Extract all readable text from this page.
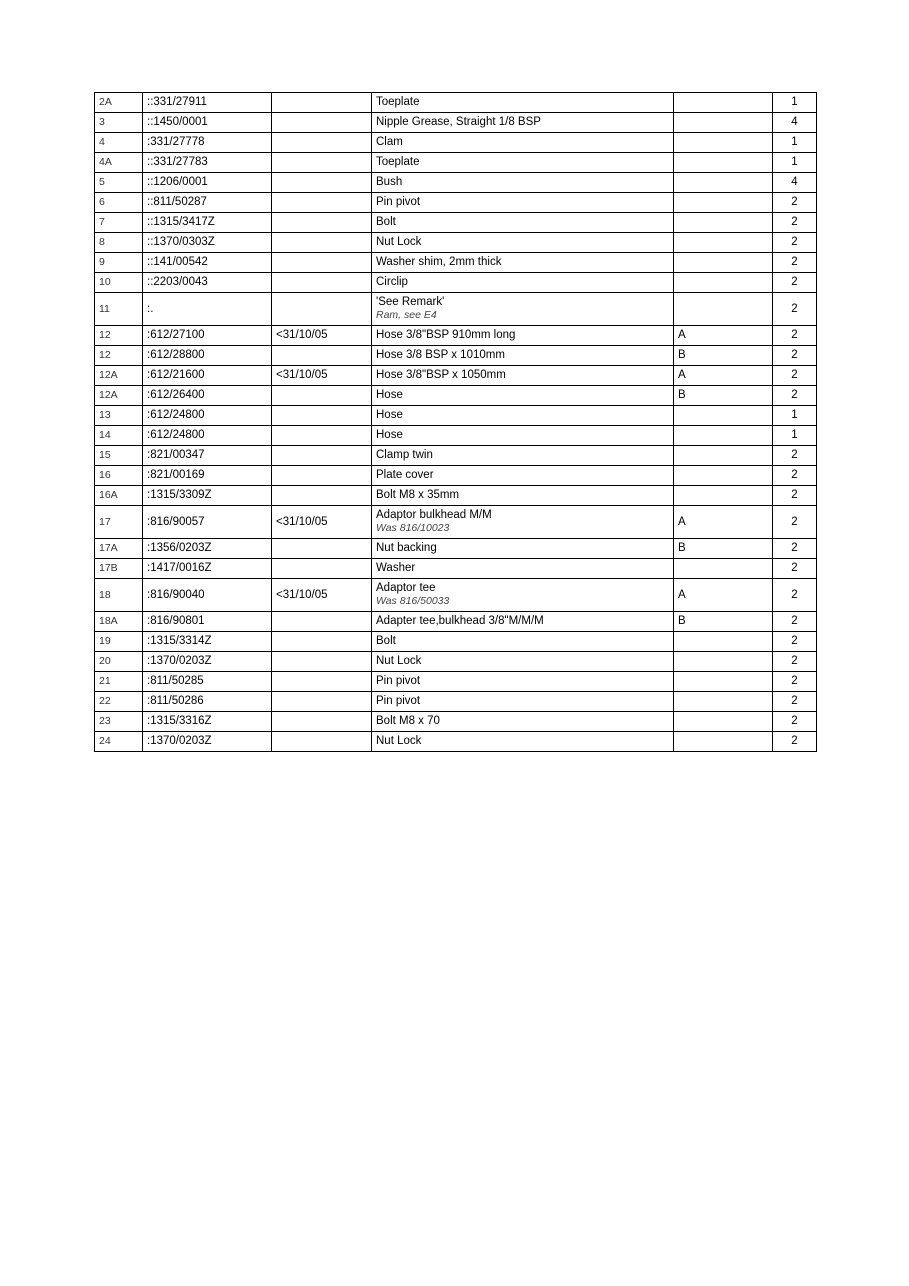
2A	::331/27911		Toeplate		1
3	::1450/0001		Nipple Grease, Straight 1/8 BSP		4
4	:331/27778		Clam		1
4A	::331/27783		Toeplate		1
5	::1206/0001		Bush		4
6	::811/50287		Pin pivot		2
7	::1315/3417Z		Bolt		2
8	::1370/0303Z		Nut Lock		2
9	::141/00542		Washer shim, 2mm thick		2
10	::2203/0043		Circlip		2
11	:.		'See Remark'
Ram, see E4		2
12	:612/27100	<31/10/05	Hose 3/8"BSP 910mm long	A	2
12	:612/28800		Hose 3/8 BSP x 1010mm	B	2
12A	:612/21600	<31/10/05	Hose 3/8"BSP x 1050mm	A	2
12A	:612/26400		Hose	B	2
13	:612/24800		Hose		1
14	:612/24800		Hose		1
15	:821/00347		Clamp twin		2
16	:821/00169		Plate cover		2
16A	:1315/3309Z		Bolt M8 x 35mm		2
17	:816/90057	<31/10/05	Adaptor bulkhead M/M
Was 816/10023	A	2
17A	:1356/0203Z		Nut backing	B	2
17B	:1417/0016Z		Washer		2
18	:816/90040	<31/10/05	Adaptor tee
Was 816/50033	A	2
18A	:816/90801		Adapter tee,bulkhead 3/8"M/M/M	B	2
19	:1315/3314Z		Bolt		2
20	:1370/0203Z		Nut Lock		2
21	:811/50285		Pin pivot		2
22	:811/50286		Pin pivot		2
23	:1315/3316Z		Bolt M8 x 70		2
24	:1370/0203Z		Nut Lock		2
